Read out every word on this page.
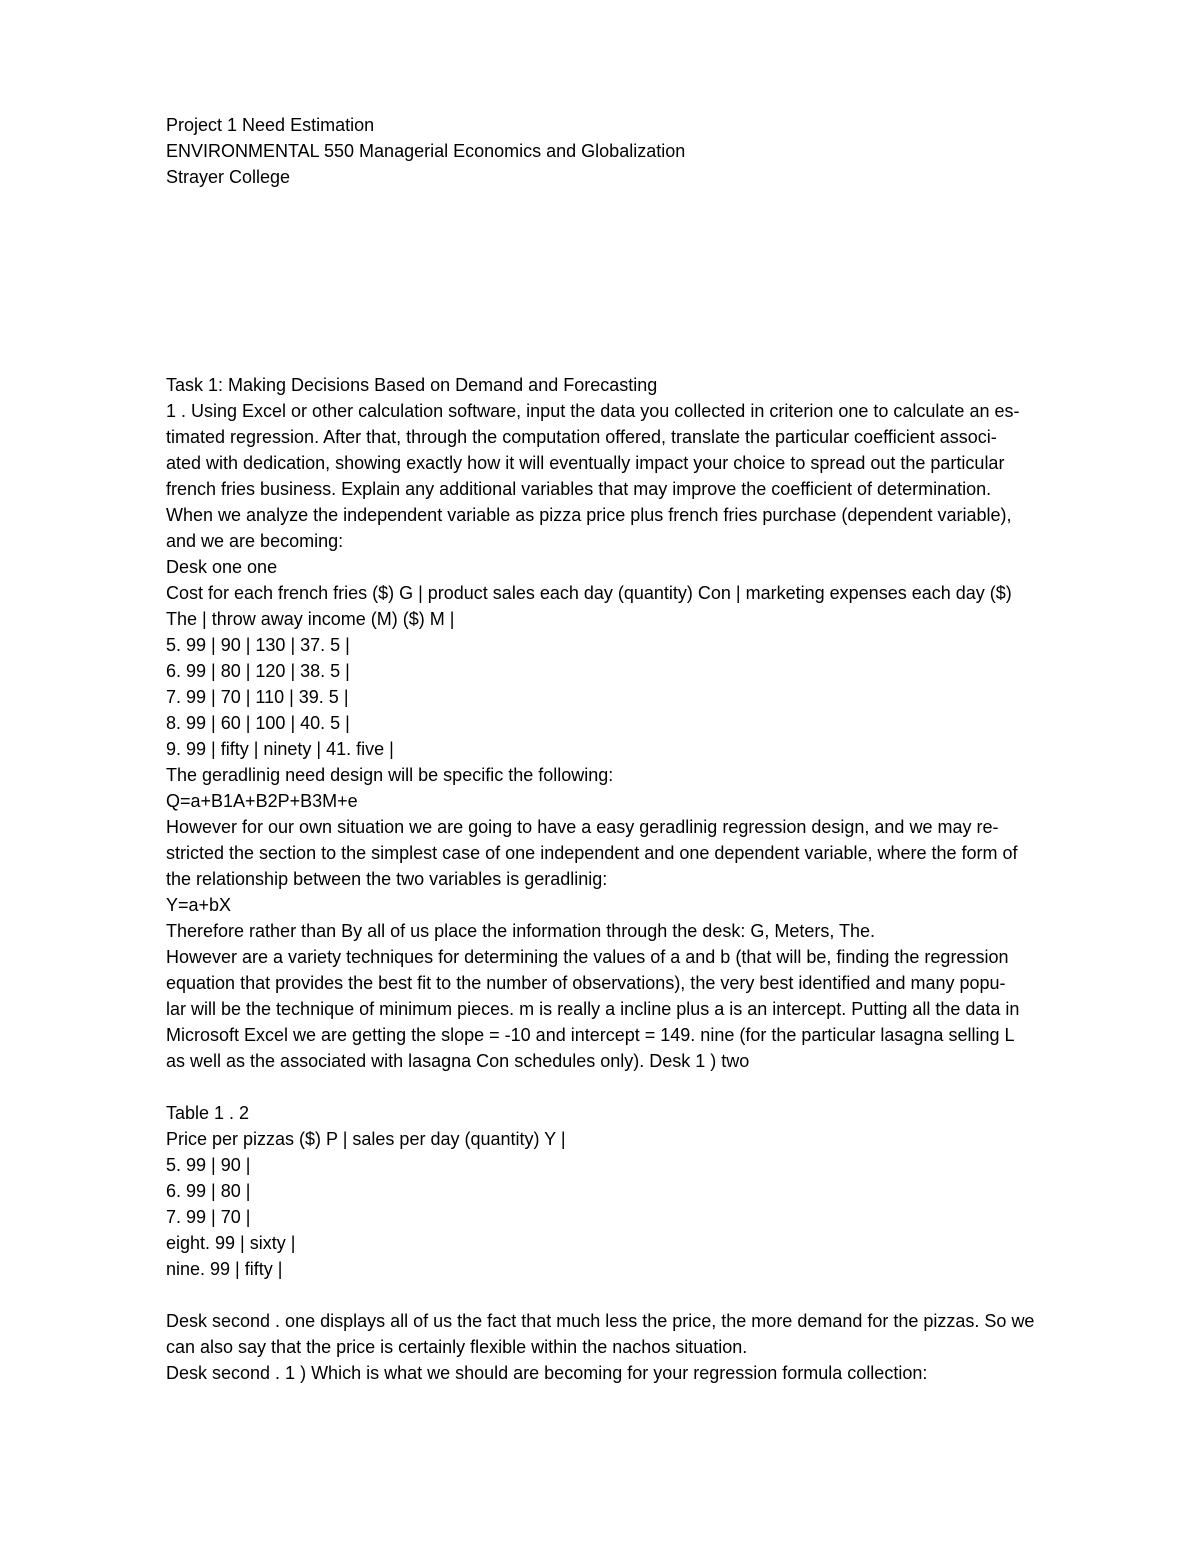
Project 1 Need Estimation
ENVIRONMENTAL 550 Managerial Economics and Globalization
Strayer College
Task 1: Making Decisions Based on Demand and Forecasting
1 . Using Excel or other calculation software, input the data you collected in criterion one to calculate an es-
timated regression. After that, through the computation offered, translate the particular coefficient associ-
ated with dedication, showing exactly how it will eventually impact your choice to spread out the particular
french fries business. Explain any additional variables that may improve the coefficient of determination.
When we analyze the independent variable as pizza price plus french fries purchase (dependent variable),
and we are becoming:
Desk one one
Cost for each french fries ($) G | product sales each day (quantity) Con | marketing expenses each day ($)
The | throw away income (M) ($) M |
5. 99 | 90 | 130 | 37. 5 |
6. 99 | 80 | 120 | 38. 5 |
7. 99 | 70 | 110 | 39. 5 |
8. 99 | 60 | 100 | 40. 5 |
9. 99 | fifty | ninety | 41. five |
The geradlinig need design will be specific the following:
Q=a+B1A+B2P+B3M+e
However for our own situation we are going to have a easy geradlinig regression design, and we may re-
stricted the section to the simplest case of one independent and one dependent variable, where the form of
the relationship between the two variables is geradlinig:
Y=a+bX
Therefore rather than By all of us place the information through the desk: G, Meters, The.
However are a variety techniques for determining the values of a and b (that will be, finding the regression
equation that provides the best fit to the number of observations), the very best identified and many popu-
lar will be the technique of minimum pieces. m is really a incline plus a is an intercept. Putting all the data in
Microsoft Excel we are getting the slope = -10 and intercept = 149. nine (for the particular lasagna selling L
as well as the associated with lasagna Con schedules only). Desk 1 ) two
Table 1 . 2
Price per pizzas ($) P | sales per day (quantity) Y |
5. 99 | 90 |
6. 99 | 80 |
7. 99 | 70 |
eight. 99 | sixty |
nine. 99 | fifty |
Desk second . one displays all of us the fact that much less the price, the more demand for the pizzas. So we
can also say that the price is certainly flexible within the nachos situation.
Desk second . 1 ) Which is what we should are becoming for your regression formula collection:
